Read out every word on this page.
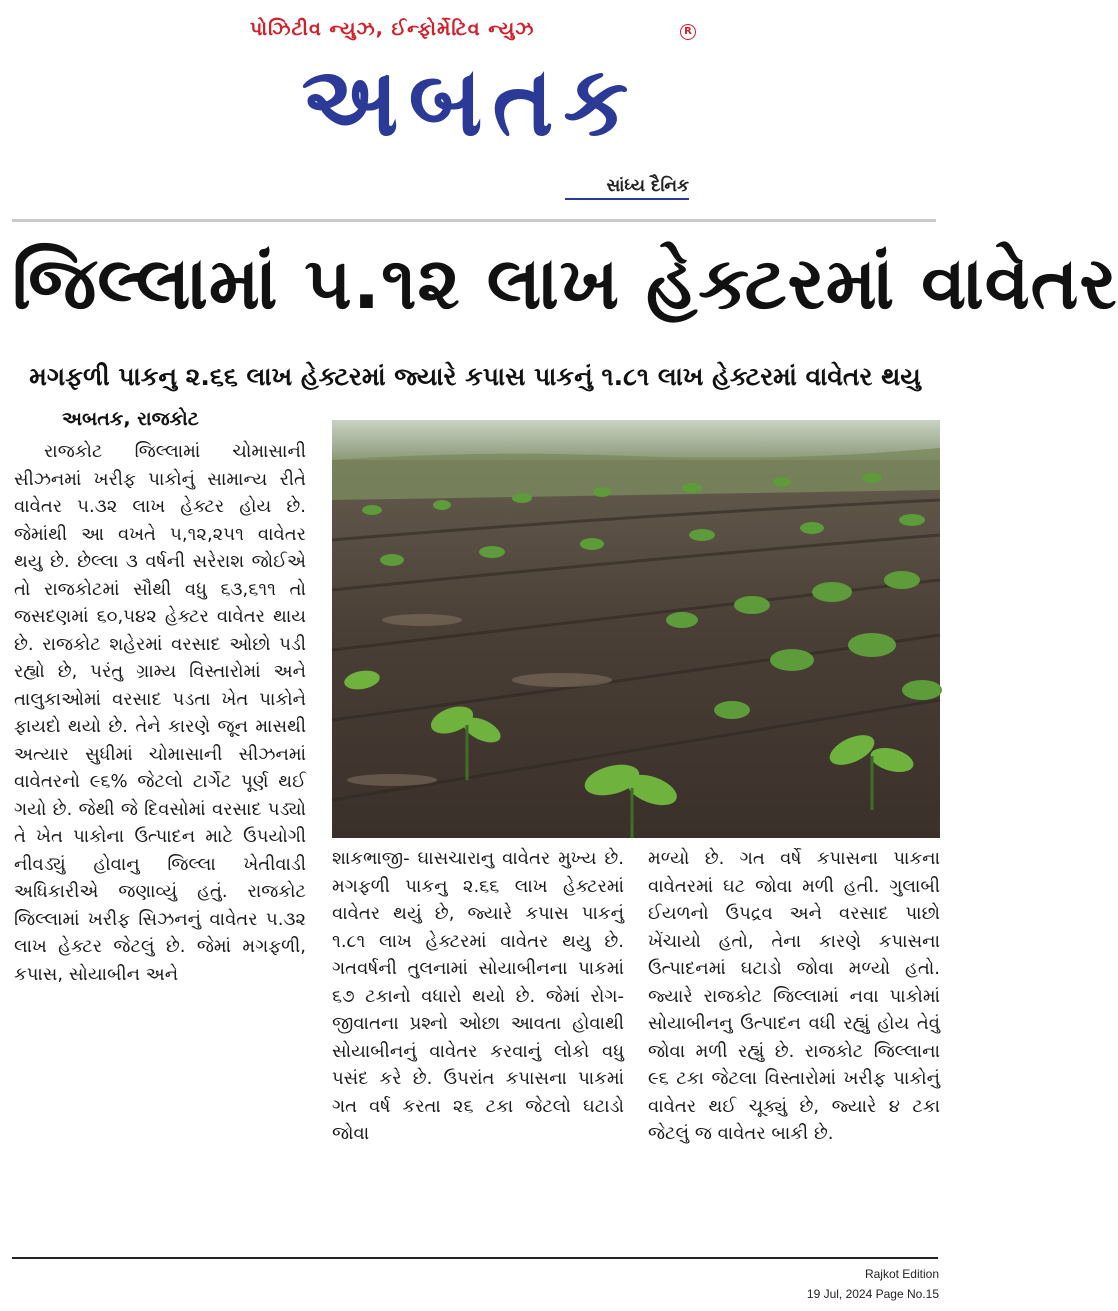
પોઝિટીવ ન્યુઝ, ઈન્ફોર્મેટિવ ન્યુઝ	R
અબતક
સાંધ્ય દૈનિક
જિલ્લામાં ૫.૧૨ લાખ હેક્ટરમાં વાવેતર
મગફળી પાકનુ ૨.૬૬ લાખ હેક્ટરમાં જ્યારે કપાસ પાકનું ૧.૮૧ લાખ હેક્ટરમાં વાવેતર થયુ
અબતક, રાજકોટ

રાજકોટ જિલ્લામાં ચોમાસાની સીઝનમાં ખરીફ પાકોનું સામાન્ય રીતે વાવેતર ૫.૩૨ લાખ હેક્ટર હોય છે. જેમાંથી આ વખતે ૫,૧૨,૨૫૧ વાવેતર થયુ છે. છેલ્લા ૩ વર્ષની સરેરાશ જોઈએ તો રાજકોટમાં સૌથી વધુ ૬૩,૬૧૧ તો જસદણમાં ૬૦,૫૪૨ હેક્ટર વાવેતર થાય છે. રાજકોટ શહેરમાં વરસાદ ઓછો પડી રહ્યો છે, પરંતુ ગ્રામ્ય વિસ્તારોમાં અને તાલુકાઓમાં વરસાદ પડતા ખેત પાકોને ફાયદો થયો છે. તેને કારણે જૂન માસથી અત્યાર સુધીમાં ચોમાસાની સીઝનમાં વાવેતરનો ૯૬% જેટલો ટાર્ગેટ પૂર્ણ થઈ ગયો છે. જેથી જે દિવસોમાં વરસાદ પડ્યો તે ખેત પાકોના ઉત્પાદન માટે ઉપયોગી નીવડ્યું હોવાનુ જિલ્લા ખેતીવાડી અધિકારીએ જણાવ્યું હતું. રાજકોટ જિલ્લામાં ખરીફ સિઝનનું વાવેતર ૫.૩૨ લાખ હેક્ટર જેટલું છે. જેમાં મગફળી, કપાસ, સોયાબીન અને

શાકભાજી- ઘાસચારાનુ વાવેતર મુખ્ય છે. મગફળી પાકનુ ૨.૬૬ લાખ હેક્ટરમાં વાવેતર થયું છે, જ્યારે કપાસ પાકનું ૧.૮૧ લાખ હેક્ટરમાં વાવેતર થયુ છે. ગતવર્ષની તુલનામાં સોયાબીનના પાકમાં ૬૭ ટકાનો વધારો થયો છે. જેમાં રોગ-જીવાતના પ્રશ્નો ઓછા આવતા હોવાથી સોયાબીનનું વાવેતર કરવાનું લોકો વધુ પસંદ કરે છે. ઉપરાંત કપાસના પાકમાં ગત વર્ષ કરતા ૨૬ ટકા જેટલો ઘટાડો જોવા

મળ્યો છે. ગત વર્ષે કપાસના પાકના વાવેતરમાં ઘટ જોવા મળી હતી. ગુલાબી ઈયળનો ઉપદ્રવ અને વરસાદ પાછો ખેંચાયો હતો, તેના કારણે કપાસના ઉત્પાદનમાં ઘટાડો જોવા મળ્યો હતો. જ્યારે રાજકોટ જિલ્લામાં નવા પાકોમાં સોયાબીનનુ ઉત્પાદન વધી રહ્યું હોય તેવું જોવા મળી રહ્યું છે. રાજકોટ જિલ્લાના ૯૬ ટકા જેટલા વિસ્તારોમાં ખરીફ પાકોનું વાવેતર થઈ ચૂક્યું છે, જ્યારે ૪ ટકા જેટલું જ વાવેતર બાકી છે.

Rajkot Edition
19 Jul, 2024 Page No.15
